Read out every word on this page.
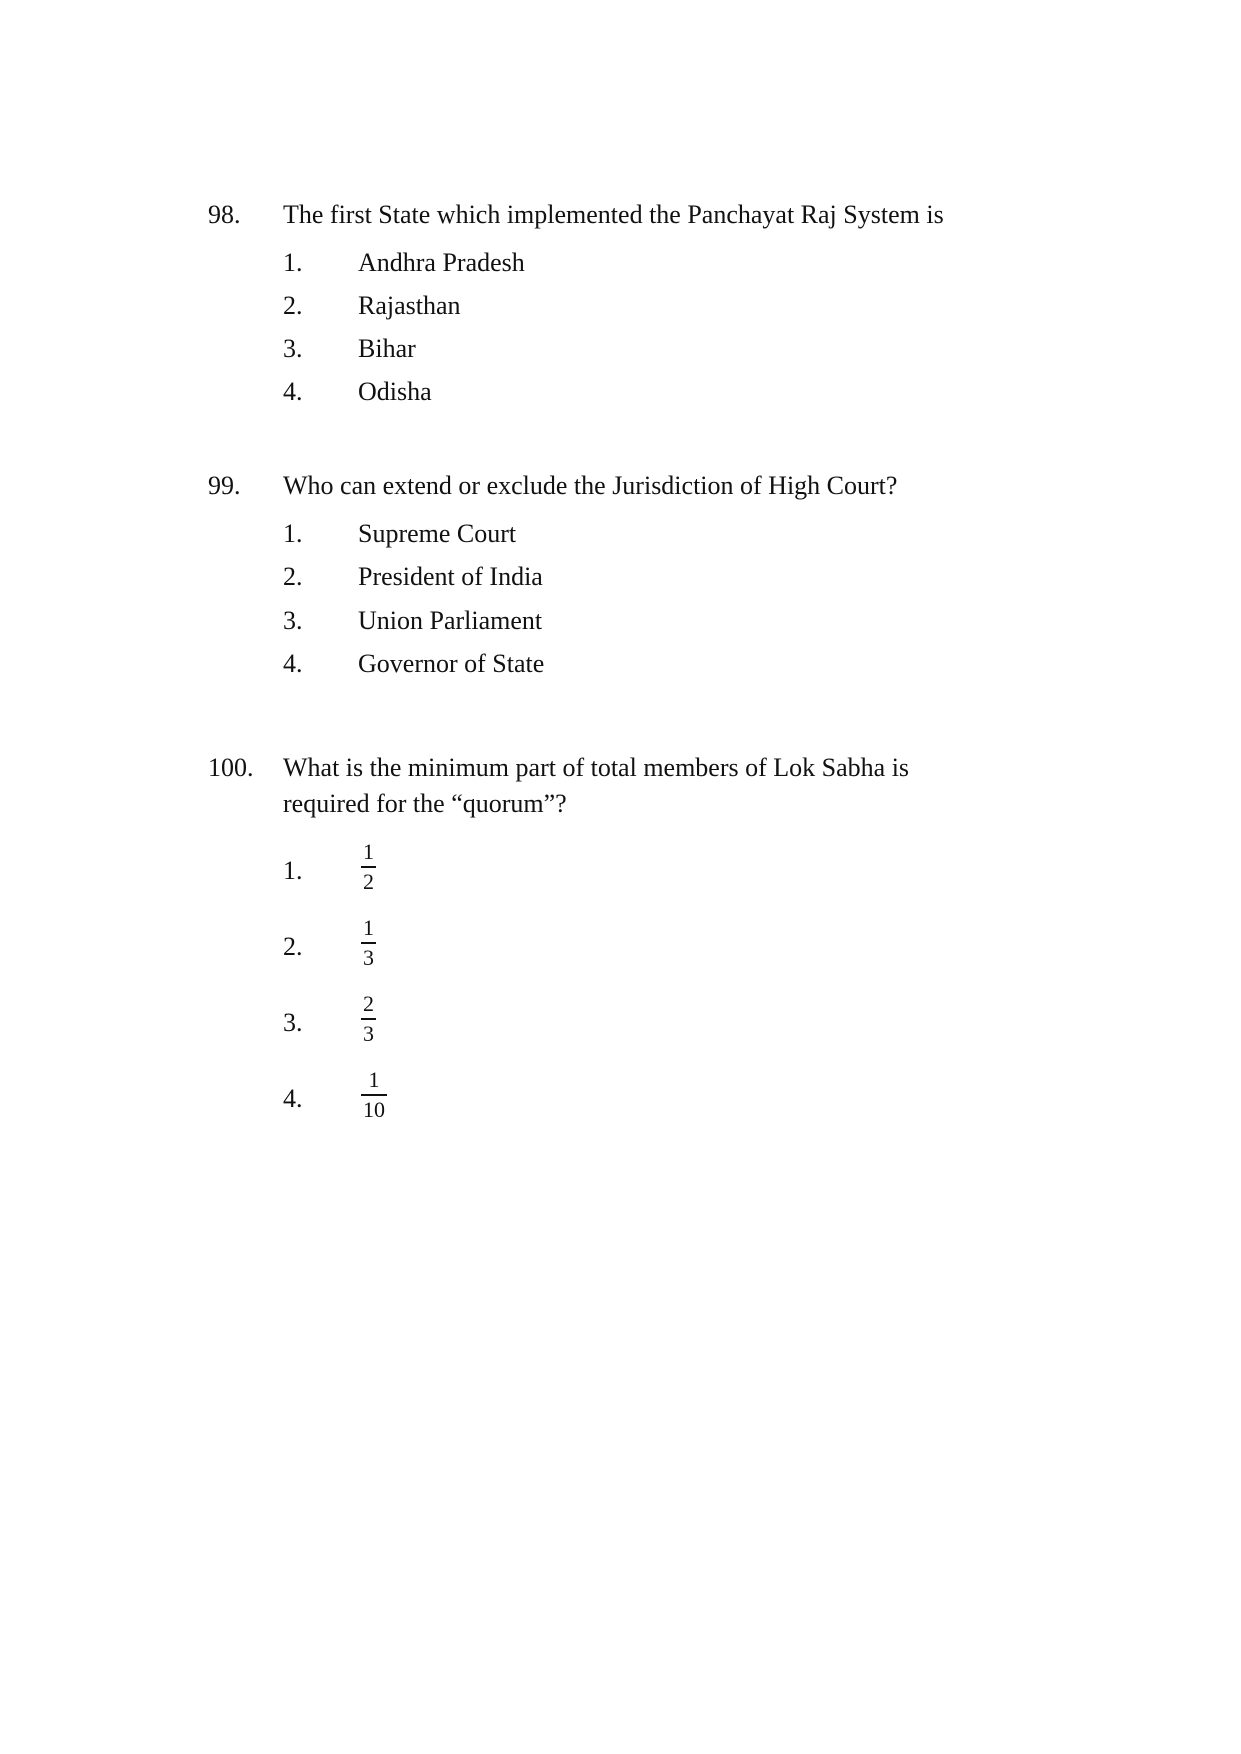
98. The first State which implemented the Panchayat Raj System is
1. Andhra Pradesh
2. Rajasthan
3. Bihar
4. Odisha
99. Who can extend or exclude the Jurisdiction of High Court?
1. Supreme Court
2. President of India
3. Union Parliament
4. Governor of State
100. What is the minimum part of total members of Lok Sabha is required for the “quorum”?
1.
1
2
2.
1
3
3.
2
3
4.
1
10
